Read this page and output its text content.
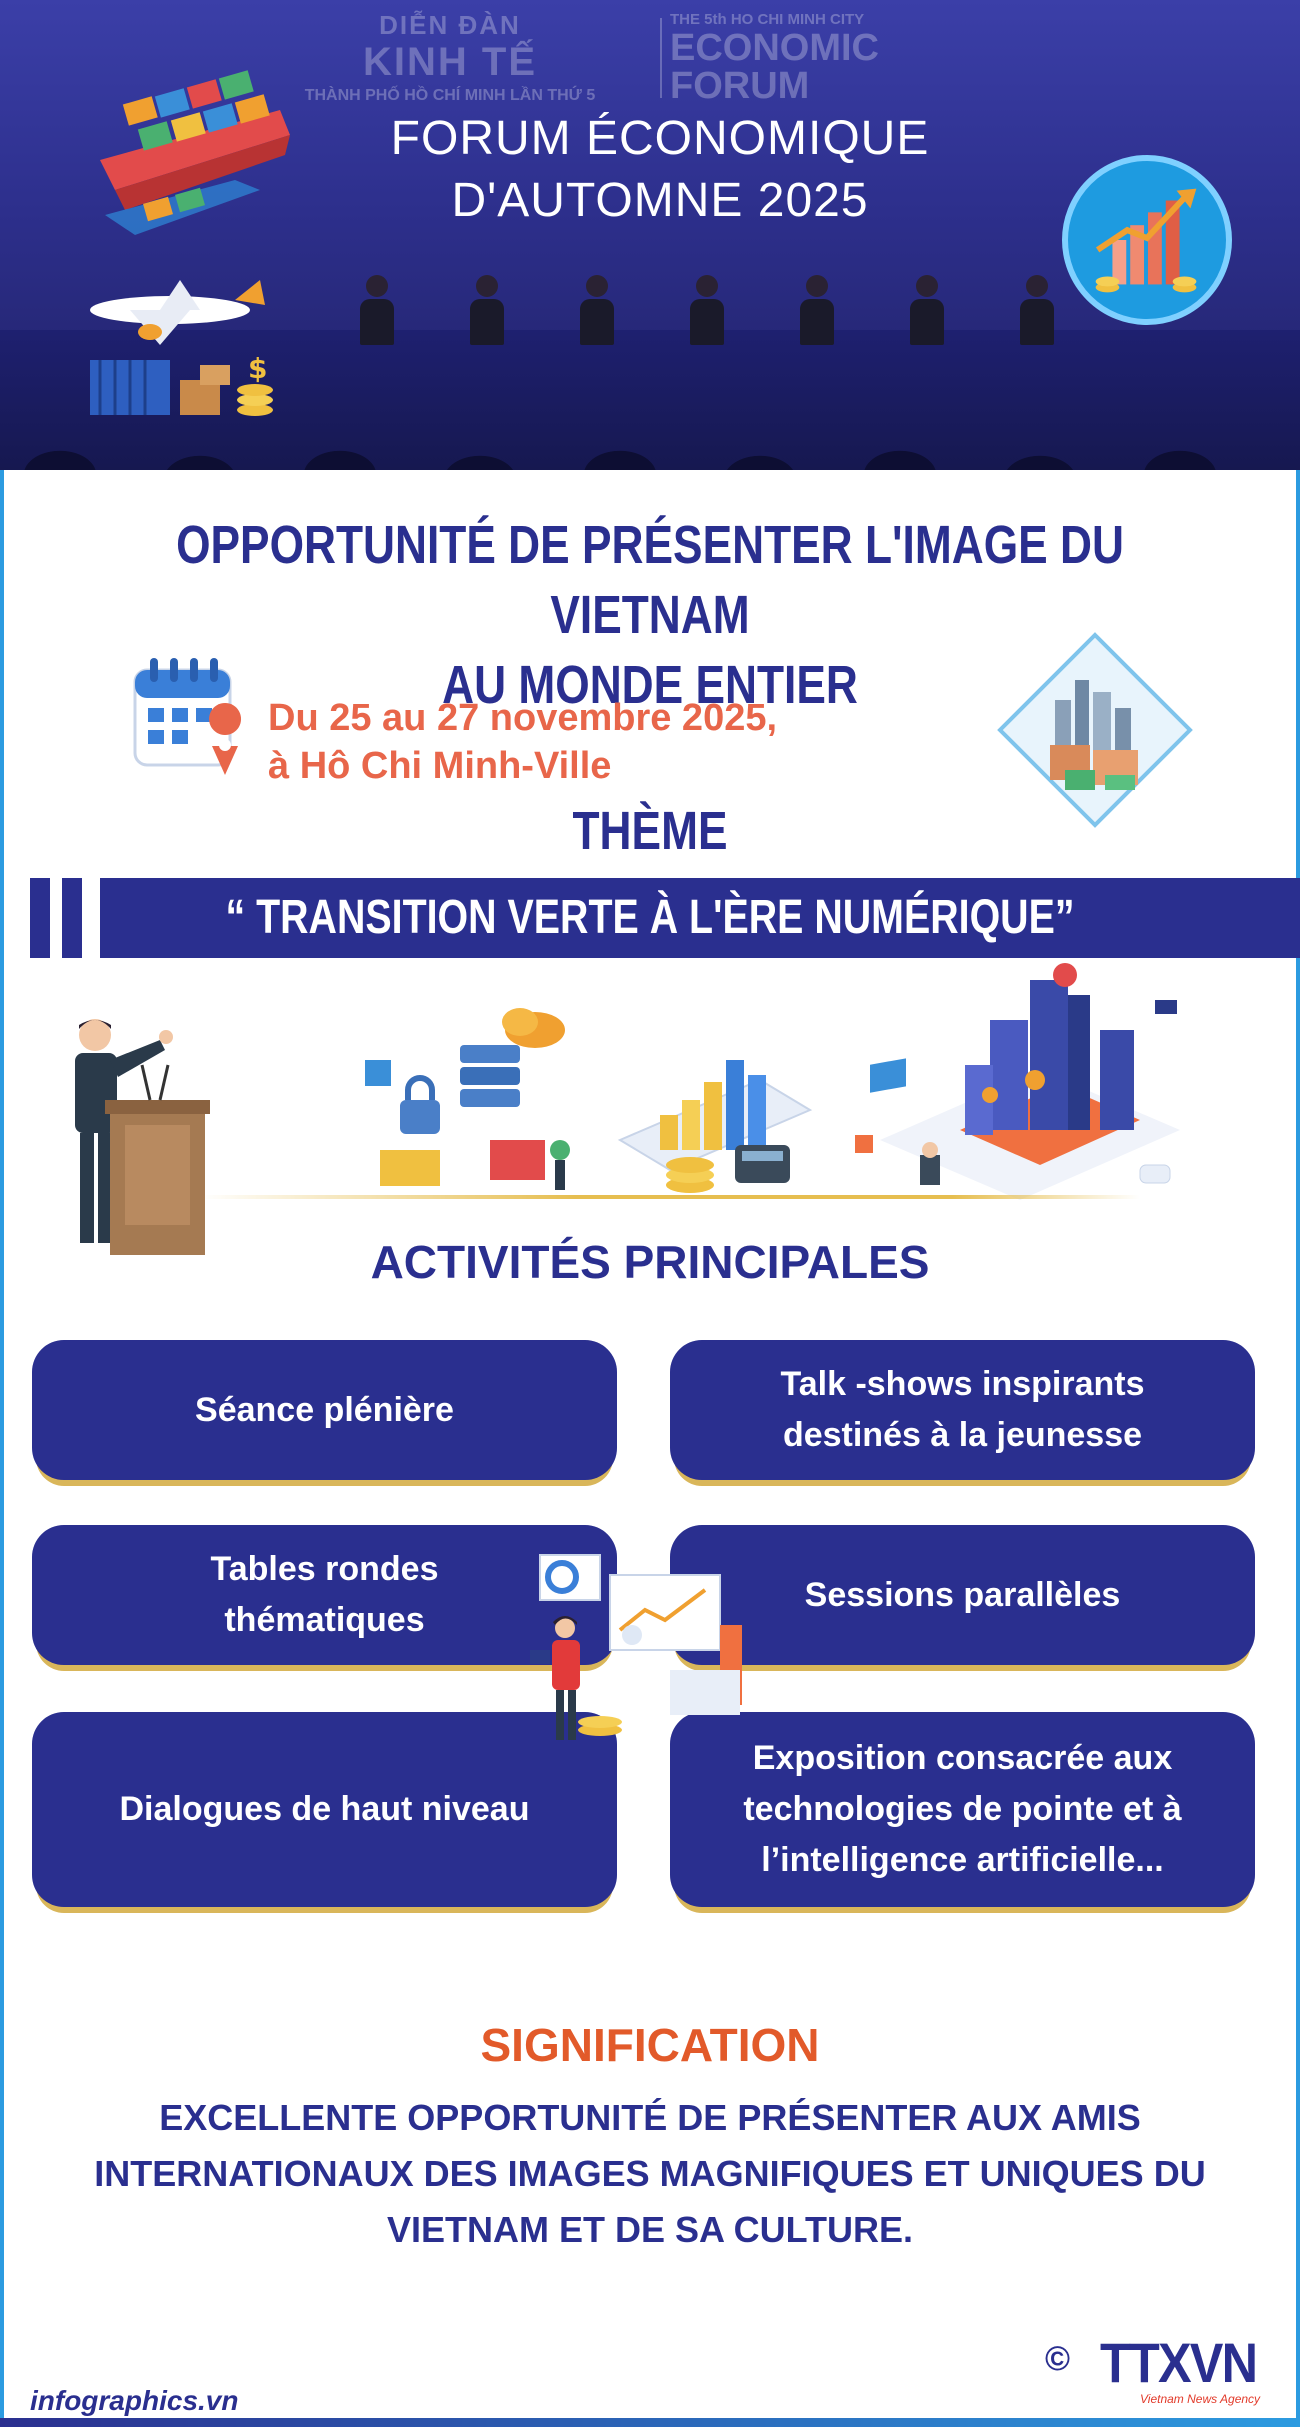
DIỄN ĐÀN
KINH TẾ
THÀNH PHỐ HỒ CHÍ MINH LẦN THỨ 5
THE 5th HO CHI MINH CITY
ECONOMIC
FORUM
FORUM ÉCONOMIQUE
D'AUTOMNE 2025
$
OPPORTUNITÉ DE PRÉSENTER L'IMAGE DU VIETNAM
AU MONDE ENTIER
Du 25 au 27 novembre 2025,
à Hô Chi Minh-Ville
THÈME
“ TRANSITION VERTE À L'ÈRE NUMÉRIQUE”
ACTIVITÉS PRINCIPALES
Séance plénière
Talk -shows inspirants
destinés à la jeunesse
Tables rondes
thématiques
Sessions parallèles
Dialogues de haut niveau
Exposition consacrée aux
technologies de pointe et à
l’intelligence artificielle...
SIGNIFICATION
EXCELLENTE OPPORTUNITÉ DE PRÉSENTER AUX AMIS
INTERNATIONAUX DES IMAGES MAGNIFIQUES ET UNIQUES DU
VIETNAM ET DE SA CULTURE.
infographics.vn
© TTXVN
Vietnam News Agency
